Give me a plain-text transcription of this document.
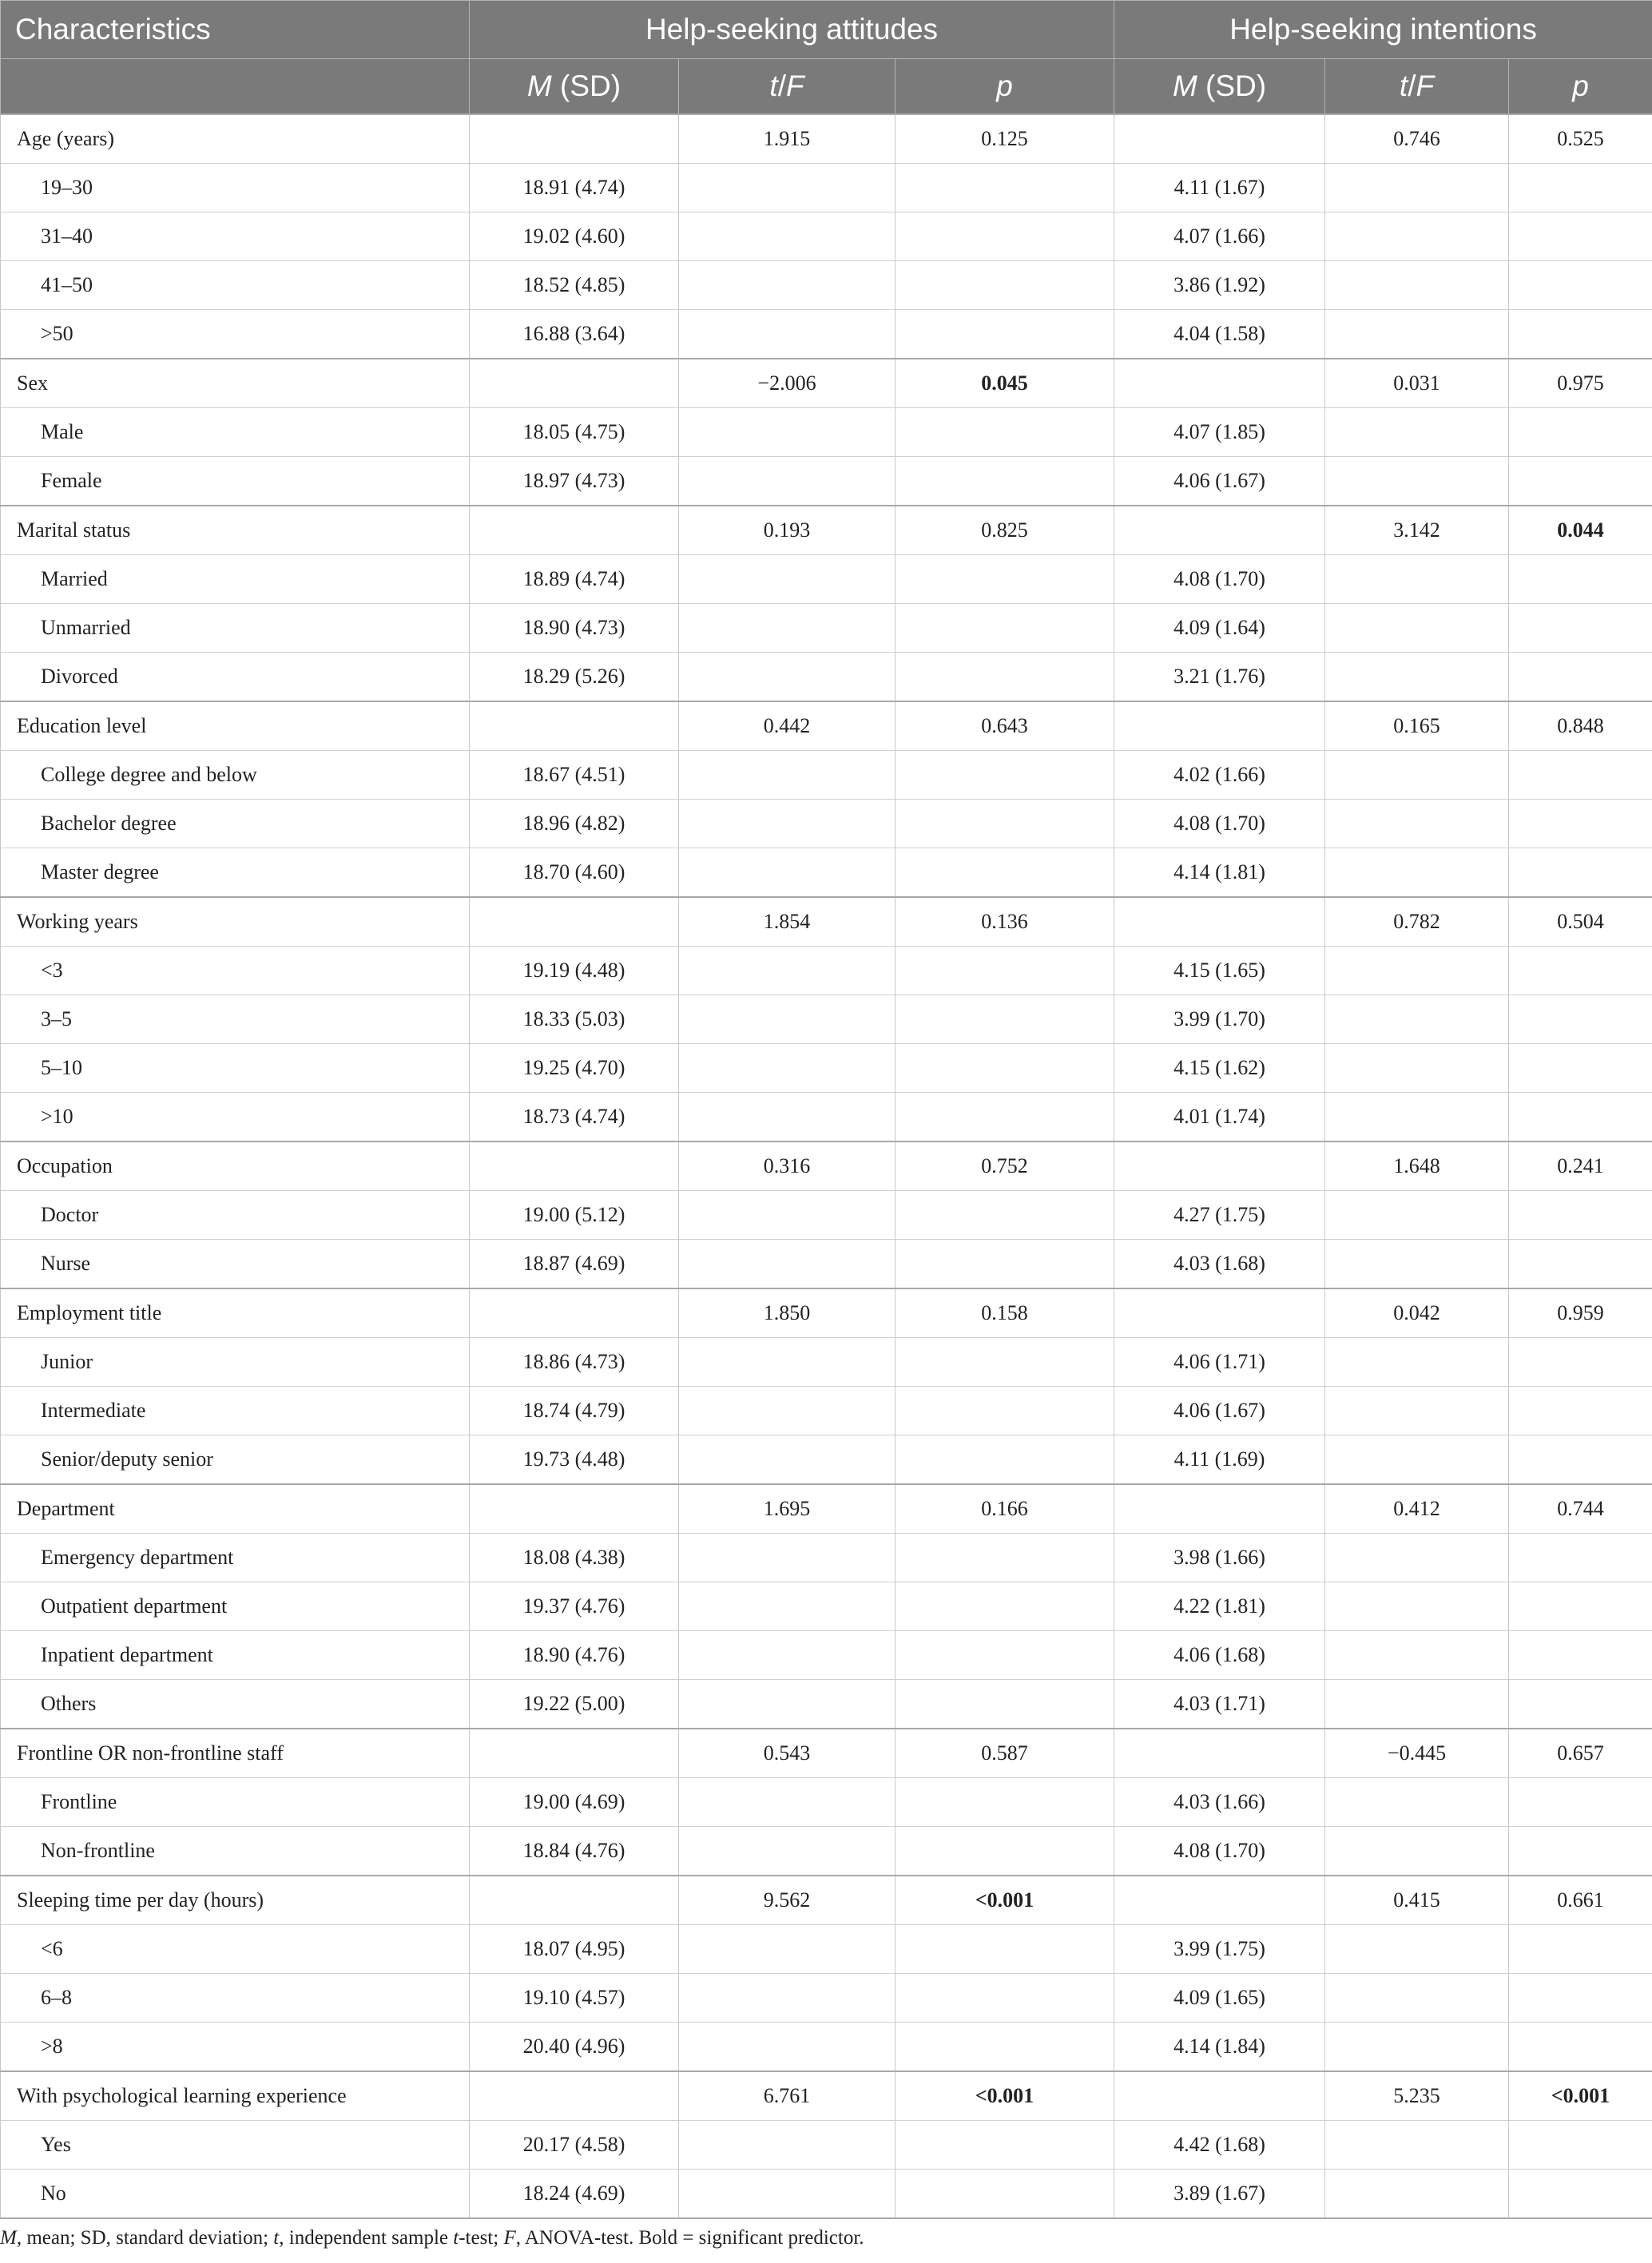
Characteristics	Help-seeking attitudes			Help-seeking intentions		
	M (SD)	t/F	p	M (SD)	t/F	p
Age (years)		1.915	0.125		0.746	0.525
19–30	18.91 (4.74)			4.11 (1.67)		
31–40	19.02 (4.60)			4.07 (1.66)		
41–50	18.52 (4.85)			3.86 (1.92)		
>50	16.88 (3.64)			4.04 (1.58)		
Sex		−2.006	0.045		0.031	0.975
Male	18.05 (4.75)			4.07 (1.85)		
Female	18.97 (4.73)			4.06 (1.67)		
Marital status		0.193	0.825		3.142	0.044
Married	18.89 (4.74)			4.08 (1.70)		
Unmarried	18.90 (4.73)			4.09 (1.64)		
Divorced	18.29 (5.26)			3.21 (1.76)		
Education level		0.442	0.643		0.165	0.848
College degree and below	18.67 (4.51)			4.02 (1.66)		
Bachelor degree	18.96 (4.82)			4.08 (1.70)		
Master degree	18.70 (4.60)			4.14 (1.81)		
Working years		1.854	0.136		0.782	0.504
<3	19.19 (4.48)			4.15 (1.65)		
3–5	18.33 (5.03)			3.99 (1.70)		
5–10	19.25 (4.70)			4.15 (1.62)		
>10	18.73 (4.74)			4.01 (1.74)		
Occupation		0.316	0.752		1.648	0.241
Doctor	19.00 (5.12)			4.27 (1.75)		
Nurse	18.87 (4.69)			4.03 (1.68)		
Employment title		1.850	0.158		0.042	0.959
Junior	18.86 (4.73)			4.06 (1.71)		
Intermediate	18.74 (4.79)			4.06 (1.67)		
Senior/deputy senior	19.73 (4.48)			4.11 (1.69)		
Department		1.695	0.166		0.412	0.744
Emergency department	18.08 (4.38)			3.98 (1.66)		
Outpatient department	19.37 (4.76)			4.22 (1.81)		
Inpatient department	18.90 (4.76)			4.06 (1.68)		
Others	19.22 (5.00)			4.03 (1.71)		
Frontline OR non-frontline staff		0.543	0.587		−0.445	0.657
Frontline	19.00 (4.69)			4.03 (1.66)		
Non-frontline	18.84 (4.76)			4.08 (1.70)		
Sleeping time per day (hours)		9.562	<0.001		0.415	0.661
<6	18.07 (4.95)			3.99 (1.75)		
6–8	19.10 (4.57)			4.09 (1.65)		
>8	20.40 (4.96)			4.14 (1.84)		
With psychological learning experience		6.761	<0.001		5.235	<0.001
Yes	20.17 (4.58)			4.42 (1.68)		
No	18.24 (4.69)			3.89 (1.67)		
M, mean; SD, standard deviation; t, independent sample t-test; F, ANOVA-test. Bold = significant predictor.
